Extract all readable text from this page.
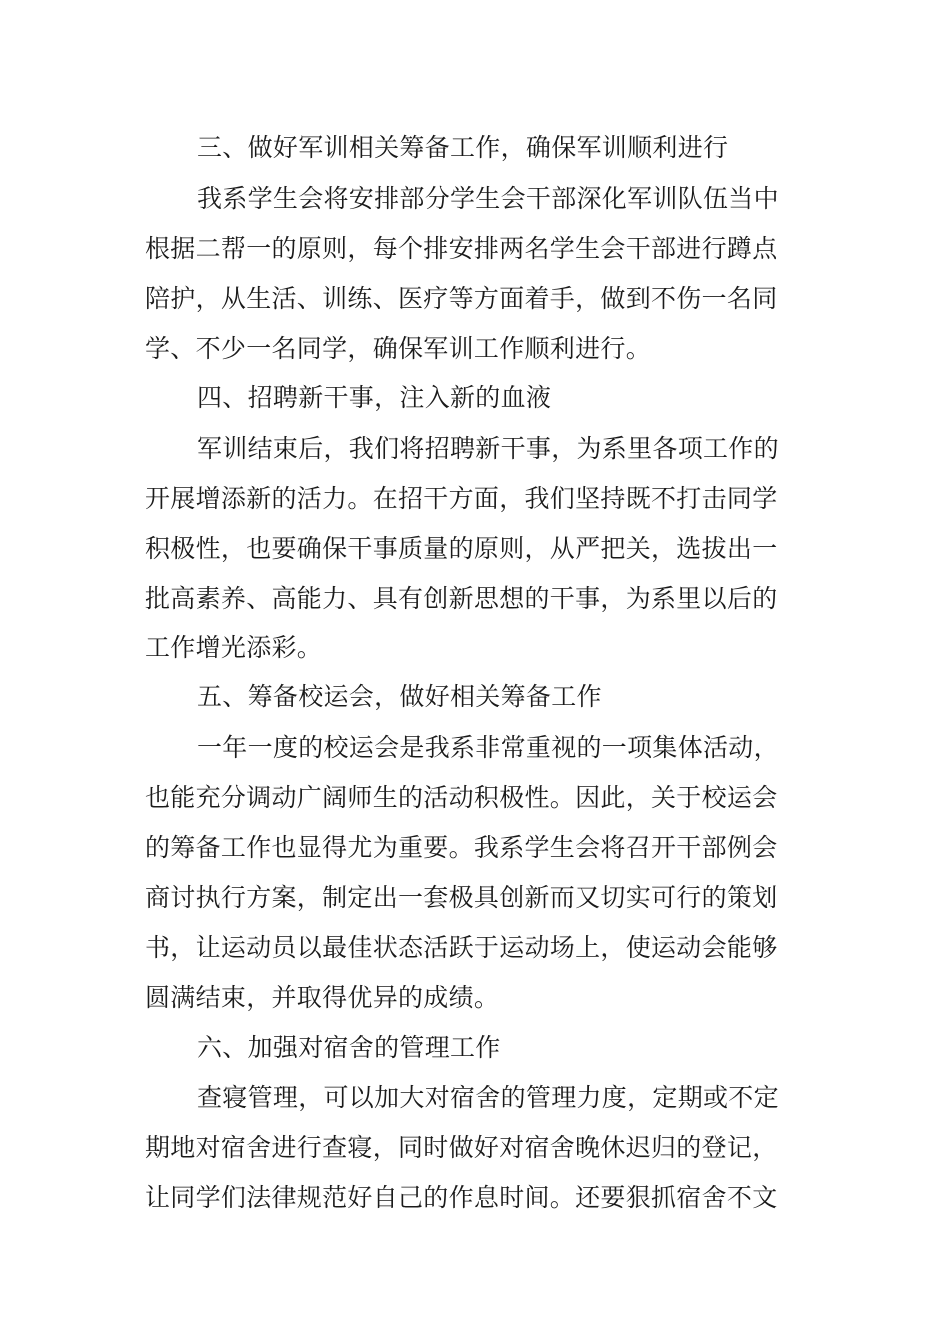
三、做好军训相关筹备工作，确保军训顺利进行
我系学生会将安排部分学生会干部深化军训队伍当中
根据二帮一的原则，每个排安排两名学生会干部进行蹲点
陪护，从生活、训练、医疗等方面着手，做到不伤一名同
学、不少一名同学，确保军训工作顺利进行。
四、招聘新干事，注入新的血液
军训结束后，我们将招聘新干事，为系里各项工作的
开展增添新的活力。在招干方面，我们坚持既不打击同学
积极性，也要确保干事质量的原则，从严把关，选拔出一
批高素养、高能力、具有创新思想的干事，为系里以后的
工作增光添彩。
五、筹备校运会，做好相关筹备工作
一年一度的校运会是我系非常重视的一项集体活动，
也能充分调动广阔师生的活动积极性。因此，关于校运会
的筹备工作也显得尤为重要。我系学生会将召开干部例会
商讨执行方案，制定出一套极具创新而又切实可行的策划
书，让运动员以最佳状态活跃于运动场上，使运动会能够
圆满结束，并取得优异的成绩。
六、加强对宿舍的管理工作
查寝管理，可以加大对宿舍的管理力度，定期或不定
期地对宿舍进行查寝，同时做好对宿舍晚休迟归的登记，
让同学们法律规范好自己的作息时间。还要狠抓宿舍不文
